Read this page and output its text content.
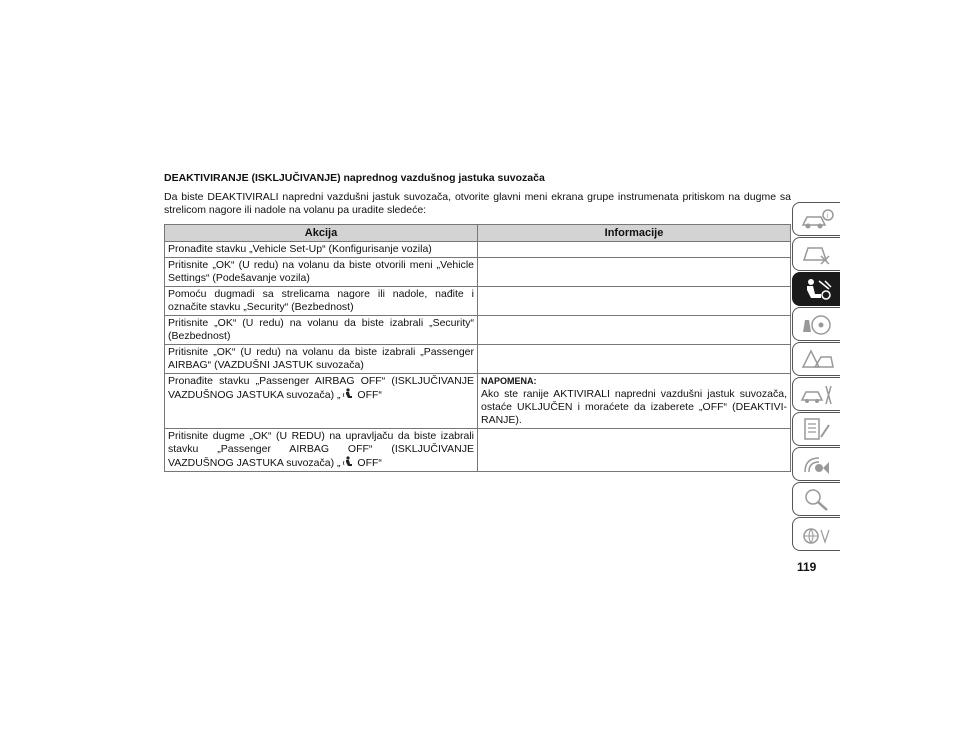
DEAKTIVIRANJE (ISKLJUČIVANJE) naprednog vazdušnog jastuka suvozača

Da biste DEAKTIVIRALI napredni vazdušni jastuk suvozača, otvorite glavni meni ekrana grupe instrumenata pritiskom na dugme sa strelicom nagore ili nadole na volanu pa uradite sledeće:

Akcija	Informacije
Pronađite stavku „Vehicle Set-Up“ (Konfigurisanje vozila)	
Pritisnite „OK“ (U redu) na volanu da biste otvorili meni „Vehicle Settings“ (Podešavanje vozila)	
Pomoću dugmadi sa strelicama nagore ili nadole, nađite i označite stavku „Security“ (Bezbednost)	
Pritisnite „OK“ (U redu) na volanu da biste izabrali „Security“ (Bezbednost)	
Pritisnite „OK“ (U redu) na volanu da biste izabrali „Passenger AIRBAG“ (VAZDUŠNI JASTUK suvozača)	
Pronađite stavku „Passenger AIRBAG OFF“ (ISKLJUČIVANJE VAZDUŠNOG JASTUKA suvozača) „ OFF“	NAPOMENA:
Ako ste ranije AKTIVIRALI napredni vazdušni jastuk suvozača, ostaće UKLJUČEN i moraćete da izaberete „OFF“ (DEAKTIVI-RANJE).
Pritisnite dugme „OK“ (U REDU) na upravljaču da biste izabrali stavku „Passenger AIRBAG OFF“ (ISKLJUČIVANJE VAZDUŠNOG JASTUKA suvozača) „ OFF“	
i

119
